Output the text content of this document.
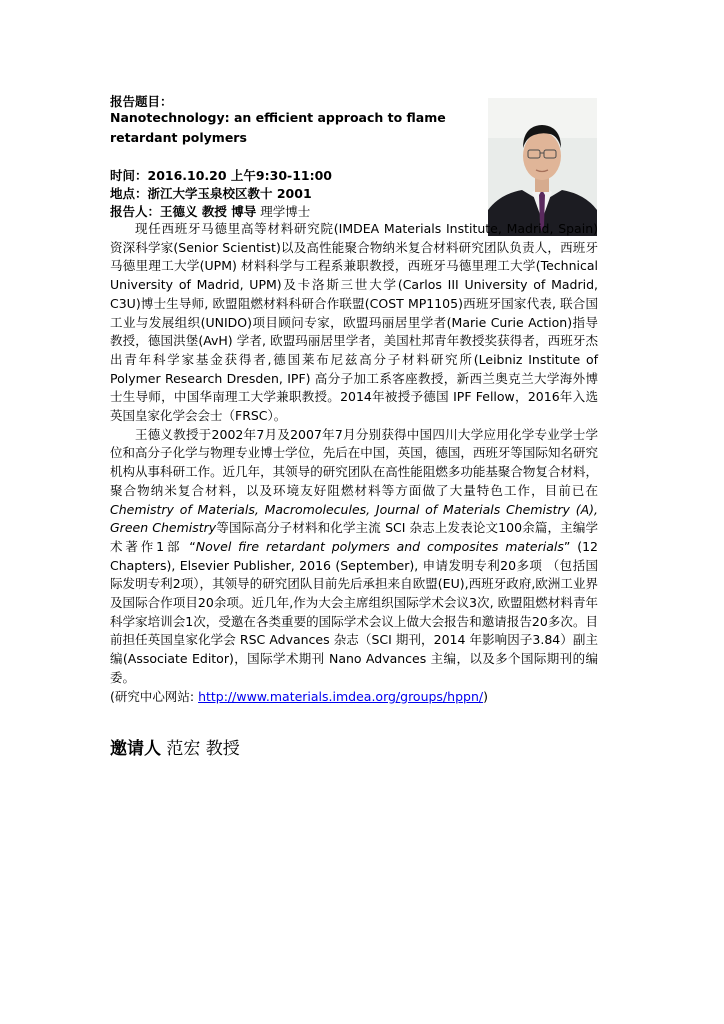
报告题目：
Nanotechnology: an efficient approach to flame retardant polymers
时间：2016.10.20 上午9:30-11:00
地点：浙江大学玉泉校区教十 2001
报告人：王德义 教授 博导 理学博士

现任西班牙马德里高等材料研究院(IMDEA Materials Institute, Madrid, Spain) 资深科学家(Senior Scientist)以及高性能聚合物纳米复合材料研究团队负责人，西班牙马德里理工大学(UPM) 材料科学与工程系兼职教授，西班牙马德里理工大学(Technical University of Madrid, UPM)及卡洛斯三世大学(Carlos III University of Madrid, C3U)博士生导师, 欧盟阻燃材料科研合作联盟(COST MP1105)西班牙国家代表, 联合国工业与发展组织(UNIDO)项目顾问专家，欧盟玛丽居里学者(Marie Curie Action)指导教授，德国洪堡(AvH) 学者, 欧盟玛丽居里学者，美国杜邦青年教授奖获得者，西班牙杰出青年科学家基金获得者,德国莱布尼兹高分子材料研究所(Leibniz Institute of Polymer Research Dresden, IPF) 高分子加工系客座教授，新西兰奥克兰大学海外博士生导师，中国华南理工大学兼职教授。2014年被授予德国 IPF Fellow，2016年入选英国皇家化学会会士（FRSC）。

王德义教授于2002年7月及2007年7月分别获得中国四川大学应用化学专业学士学位和高分子化学与物理专业博士学位，先后在中国，英国，德国，西班牙等国际知名研究机构从事科研工作。近几年，其领导的研究团队在高性能阻燃多功能基聚合物复合材料，聚合物纳米复合材料，以及环境友好阻燃材料等方面做了大量特色工作，目前已在 Chemistry of Materials, Macromolecules, Journal of Materials Chemistry (A), Green Chemistry等国际高分子材料和化学主流 SCI 杂志上发表论文100余篇，主编学术著作1部 “Novel fire retardant polymers and composites materials” (12 Chapters), Elsevier Publisher, 2016 (September), 申请发明专利20多项 （包括国际发明专利2项），其领导的研究团队目前先后承担来自欧盟(EU),西班牙政府,欧洲工业界及国际合作项目20余项。近几年,作为大会主席组织国际学术会议3次, 欧盟阻燃材料青年科学家培训会1次，受邀在各类重要的国际学术会议上做大会报告和邀请报告20多次。目前担任英国皇家化学会 RSC Advances 杂志（SCI 期刊，2014 年影响因子3.84）副主编(Associate Editor)，国际学术期刊 Nano Advances 主编，以及多个国际期刊的编委。

(研究中心网站: http://www.materials.imdea.org/groups/hppn/)
邀请人 范宏 教授
